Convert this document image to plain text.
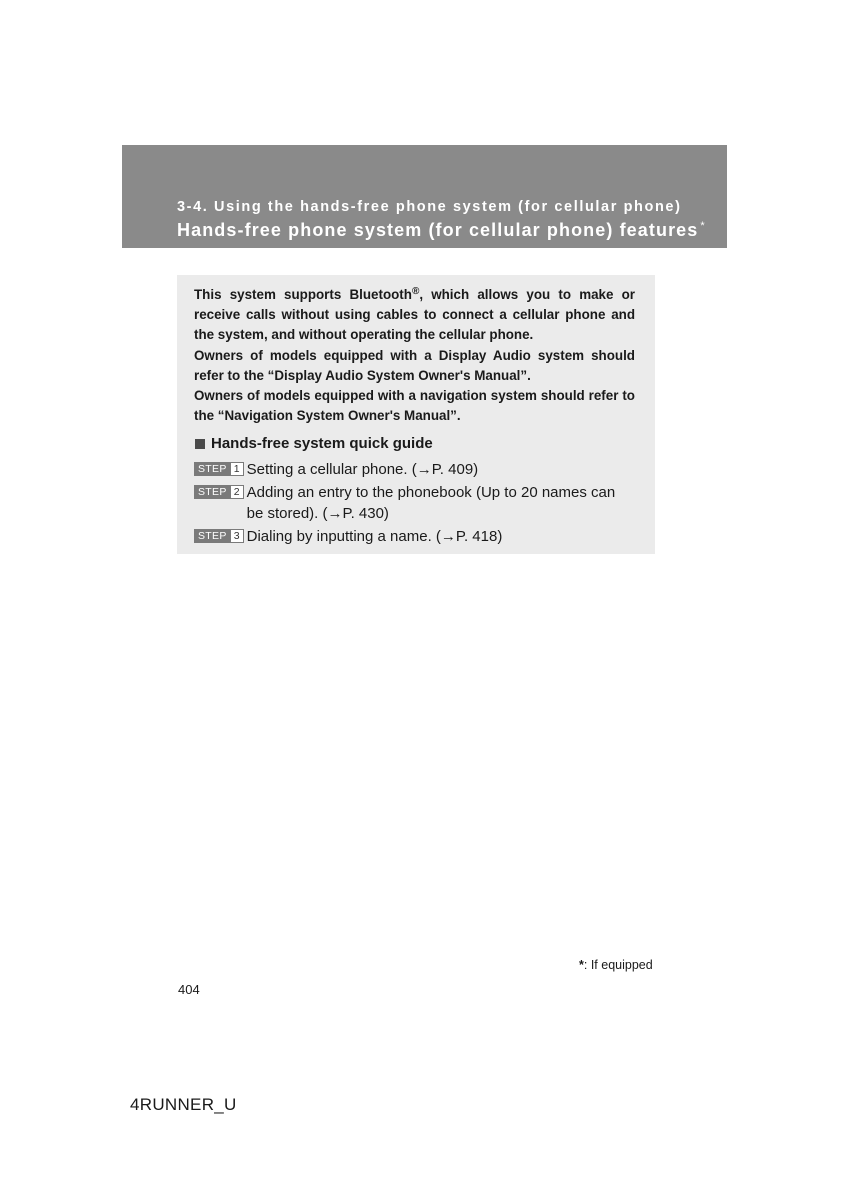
3-4. Using the hands-free phone system (for cellular phone)

Hands-free phone system (for cellular phone) features *

This system supports Bluetooth®, which allows you to make or receive calls without using cables to connect a cellular phone and the system, and without operating the cellular phone.

Owners of models equipped with a Display Audio system should refer to the “Display Audio System Owner's Manual”.

Owners of models equipped with a navigation system should refer to the “Navigation System Owner's Manual”.

Hands-free system quick guide
STEP 1 Setting a cellular phone. (→P. 409)
STEP 2 Adding an entry to the phonebook (Up to 20 names can be stored). (→P. 430)
STEP 3 Dialing by inputting a name. (→P. 418)
*: If equipped
404
4RUNNER_U
